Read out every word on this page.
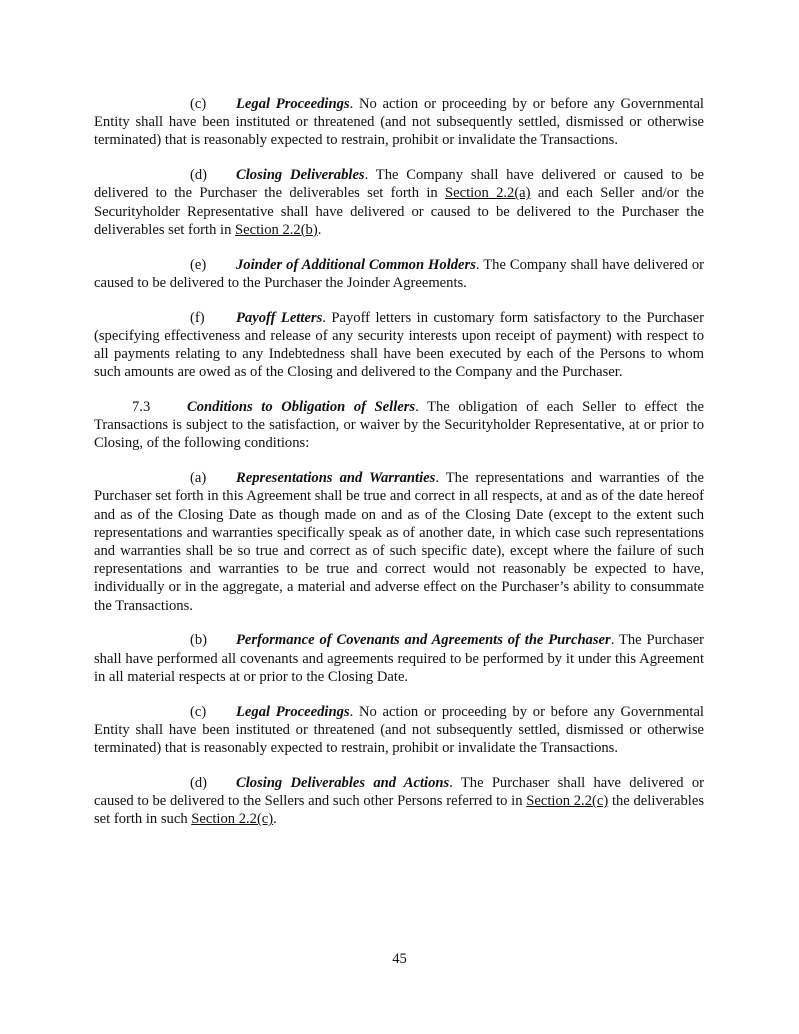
(c) Legal Proceedings. No action or proceeding by or before any Governmental Entity shall have been instituted or threatened (and not subsequently settled, dismissed or otherwise terminated) that is reasonably expected to restrain, prohibit or invalidate the Transactions.

(d) Closing Deliverables. The Company shall have delivered or caused to be delivered to the Purchaser the deliverables set forth in Section 2.2(a) and each Seller and/or the Securityholder Representative shall have delivered or caused to be delivered to the Purchaser the deliverables set forth in Section 2.2(b).

(e) Joinder of Additional Common Holders. The Company shall have delivered or caused to be delivered to the Purchaser the Joinder Agreements.

(f) Payoff Letters. Payoff letters in customary form satisfactory to the Purchaser (specifying effectiveness and release of any security interests upon receipt of payment) with respect to all payments relating to any Indebtedness shall have been executed by each of the Persons to whom such amounts are owed as of the Closing and delivered to the Company and the Purchaser.

7.3	Conditions to Obligation of Sellers. The obligation of each Seller to effect the Transactions is subject to the satisfaction, or waiver by the Securityholder Representative, at or prior to Closing, of the following conditions:

(a) Representations and Warranties. The representations and warranties of the Purchaser set forth in this Agreement shall be true and correct in all respects, at and as of the date hereof and as of the Closing Date as though made on and as of the Closing Date (except to the extent such representations and warranties specifically speak as of another date, in which case such representations and warranties shall be so true and correct as of such specific date), except where the failure of such representations and warranties to be true and correct would not reasonably be expected to have, individually or in the aggregate, a material and adverse effect on the Purchaser’s ability to consummate the Transactions.

(b) Performance of Covenants and Agreements of the Purchaser. The Purchaser shall have performed all covenants and agreements required to be performed by it under this Agreement in all material respects at or prior to the Closing Date.

(c) Legal Proceedings. No action or proceeding by or before any Governmental Entity shall have been instituted or threatened (and not subsequently settled, dismissed or otherwise terminated) that is reasonably expected to restrain, prohibit or invalidate the Transactions.

(d) Closing Deliverables and Actions. The Purchaser shall have delivered or caused to be delivered to the Sellers and such other Persons referred to in Section 2.2(c) the deliverables set forth in such Section 2.2(c).

45
